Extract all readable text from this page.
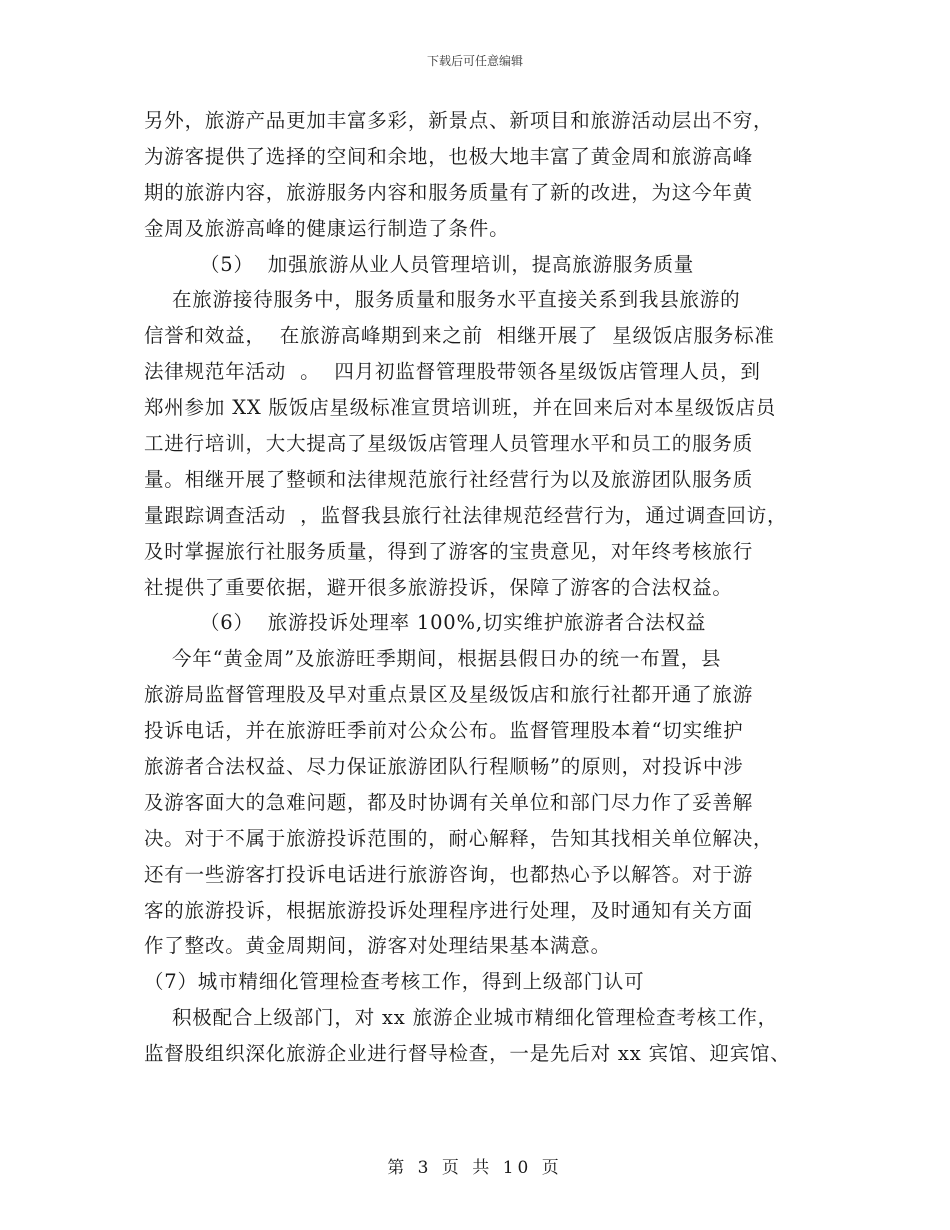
下载后可任意编辑
另外，旅游产品更加丰富多彩，新景点、新项目和旅游活动层出不穷，
为游客提供了选择的空间和余地，也极大地丰富了黄金周和旅游高峰
期的旅游内容，旅游服务内容和服务质量有了新的改进，为这今年黄
金周及旅游高峰的健康运行制造了条件。
（5）  加强旅游从业人员管理培训，提高旅游服务质量
在旅游接待服务中，服务质量和服务水平直接关系到我县旅游的
信誉和效益，  在旅游高峰期到来之前  相继开展了  星级饭店服务标准
法律规范年活动  。  四月初监督管理股带领各星级饭店管理人员，到
郑州参加 XX 版饭店星级标准宣贯培训班，并在回来后对本星级饭店员
工进行培训，大大提高了星级饭店管理人员管理水平和员工的服务质
量。相继开展了整顿和法律规范旅行社经营行为以及旅游团队服务质
量跟踪调查活动  ，监督我县旅行社法律规范经营行为，通过调查回访，
及时掌握旅行社服务质量，得到了游客的宝贵意见，对年终考核旅行
社提供了重要依据，避开很多旅游投诉，保障了游客的合法权益。
（6）  旅游投诉处理率 100%,切实维护旅游者合法权益
今年“黄金周”及旅游旺季期间，根据县假日办的统一布置，县
旅游局监督管理股及早对重点景区及星级饭店和旅行社都开通了旅游
投诉电话，并在旅游旺季前对公众公布。监督管理股本着“切实维护
旅游者合法权益、尽力保证旅游团队行程顺畅”的原则，对投诉中涉
及游客面大的急难问题，都及时协调有关单位和部门尽力作了妥善解
决。对于不属于旅游投诉范围的，耐心解释，告知其找相关单位解决，
还有一些游客打投诉电话进行旅游咨询，也都热心予以解答。对于游
客的旅游投诉，根据旅游投诉处理程序进行处理，及时通知有关方面
作了整改。黄金周期间，游客对处理结果基本满意。
（7）城市精细化管理检查考核工作，得到上级部门认可
积极配合上级部门，对 xx 旅游企业城市精细化管理检查考核工作，
监督股组织深化旅游企业进行督导检查，一是先后对 xx 宾馆、迎宾馆、
第 3 页 共 10 页
